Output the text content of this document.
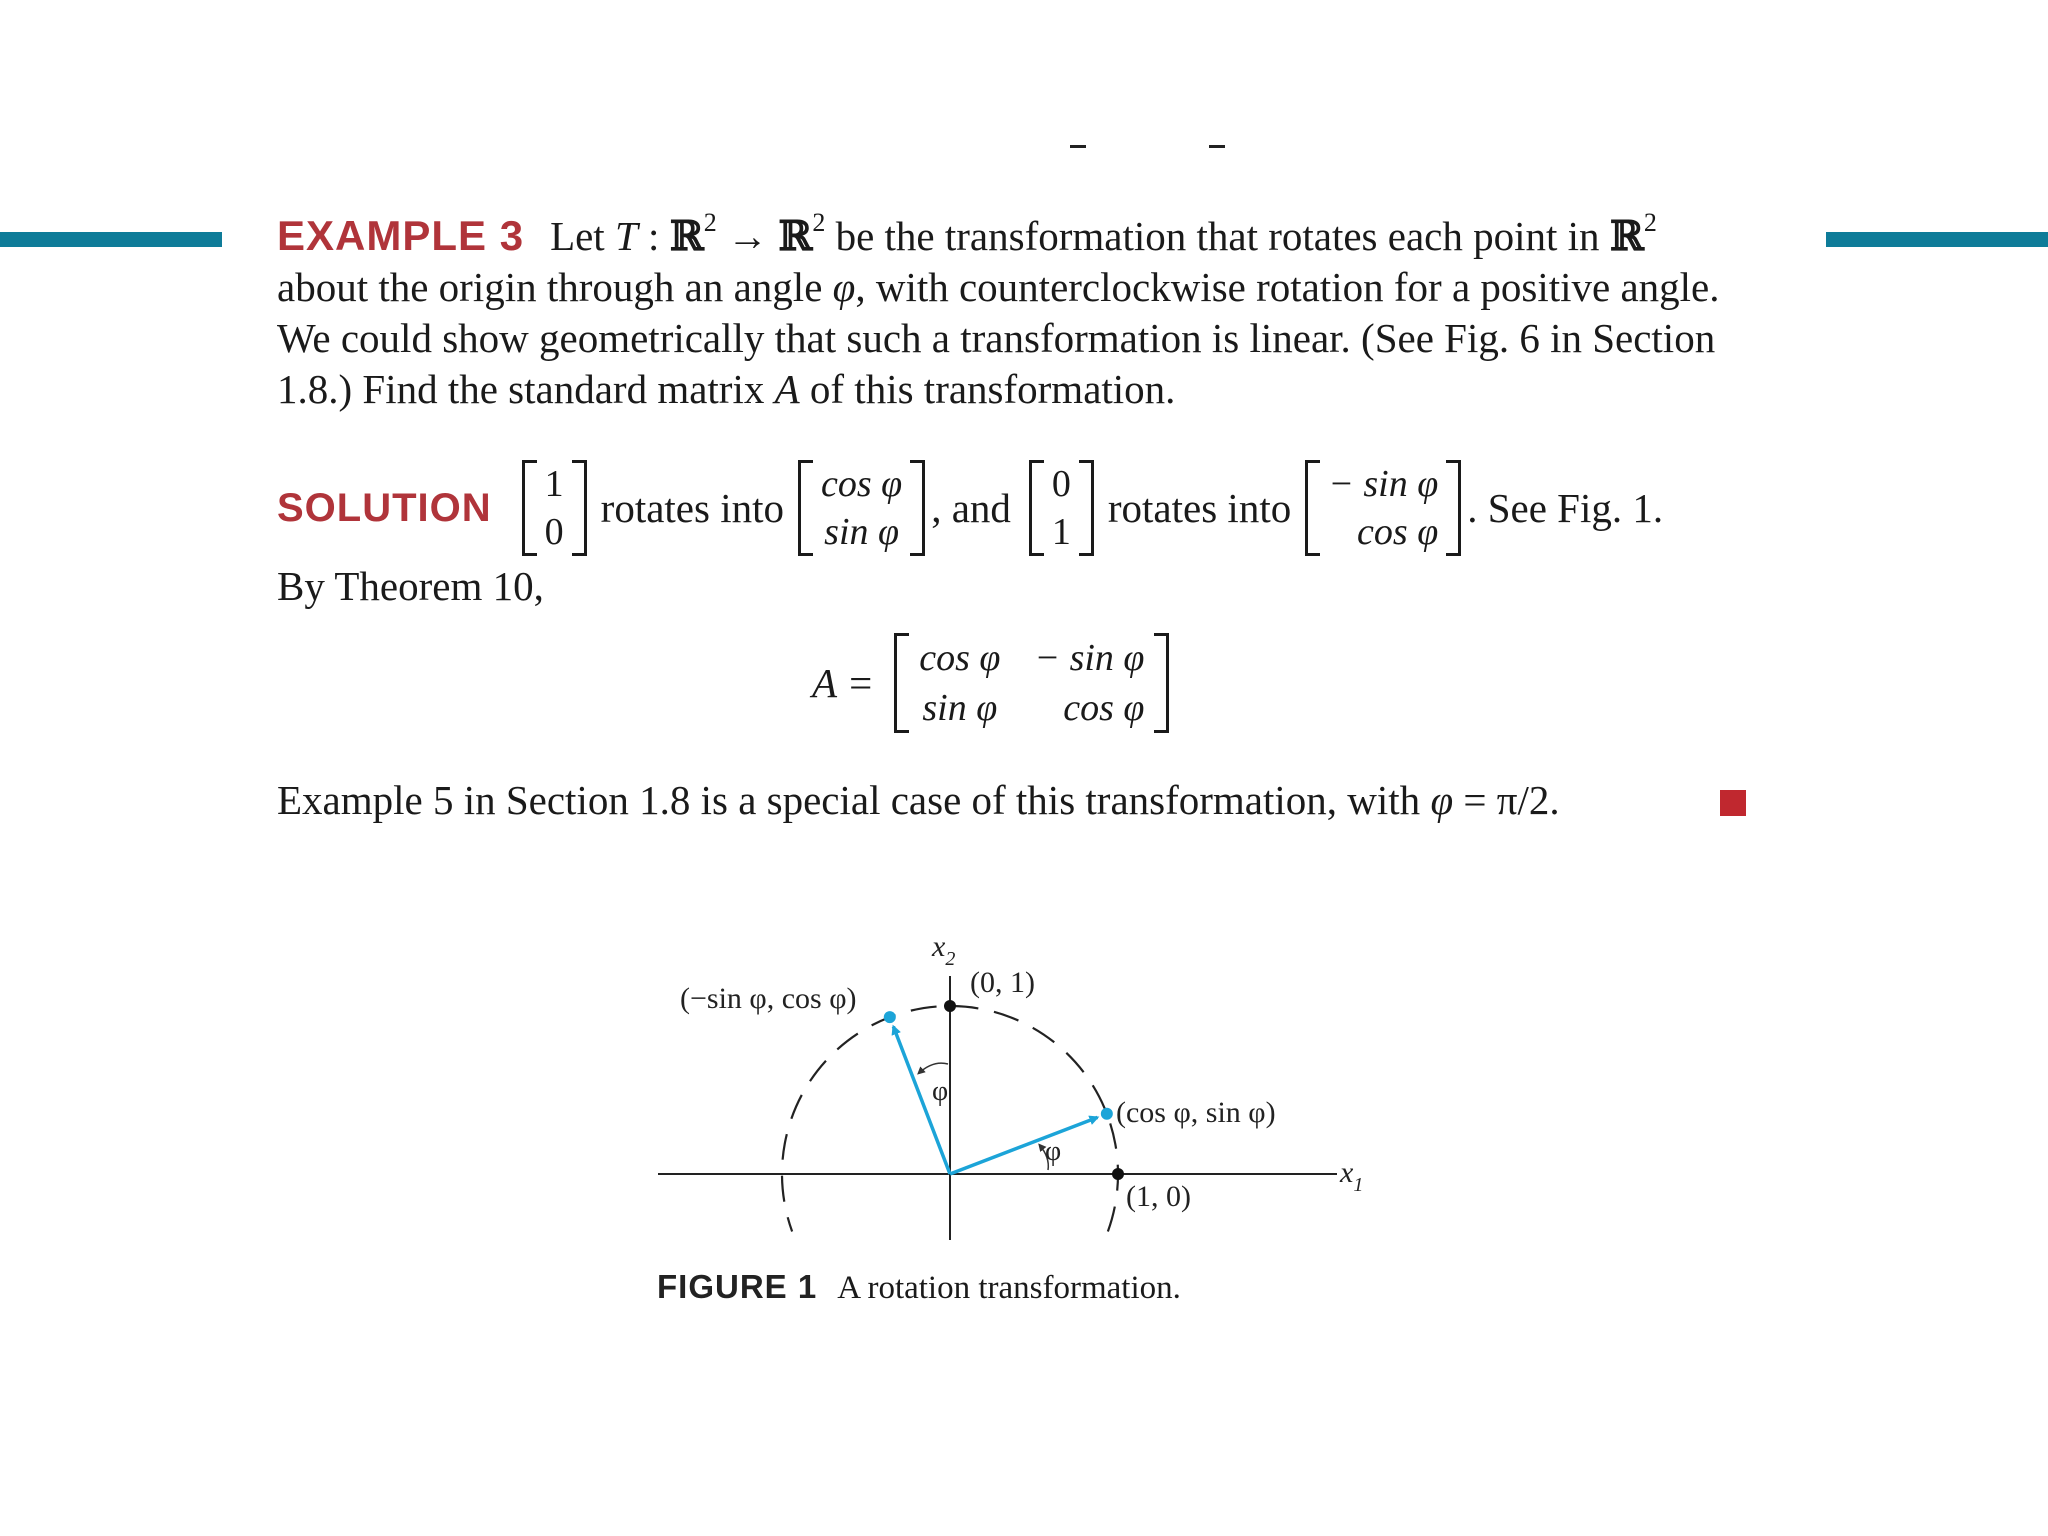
EXAMPLE 3 Let T : ℝ$^2$ → ℝ$^2$ be the transformation that rotates each point in ℝ$^2$ about the origin through an angle φ, with counterclockwise rotation for a positive angle. We could show geometrically that such a transformation is linear. (See Fig. 6 in Section 1.8.) Find the standard matrix A of this transformation.
SOLUTION
1
0
rotates into
cos φ
sin φ
, and
0
1
rotates into
− sin φ
cos φ
. See Fig. 1.
By Theorem 10,
A =
cos φ − sin φ
sin φ	cos φ
Example 5 in Section 1.8 is a special case of this transformation, with φ = π/2.
$x_2$
$x_1$
(0, 1)
(1, 0)
(−sin φ, cos φ)
(cos φ, sin φ)
φ
φ
FIGURE 1 A rotation transformation.
